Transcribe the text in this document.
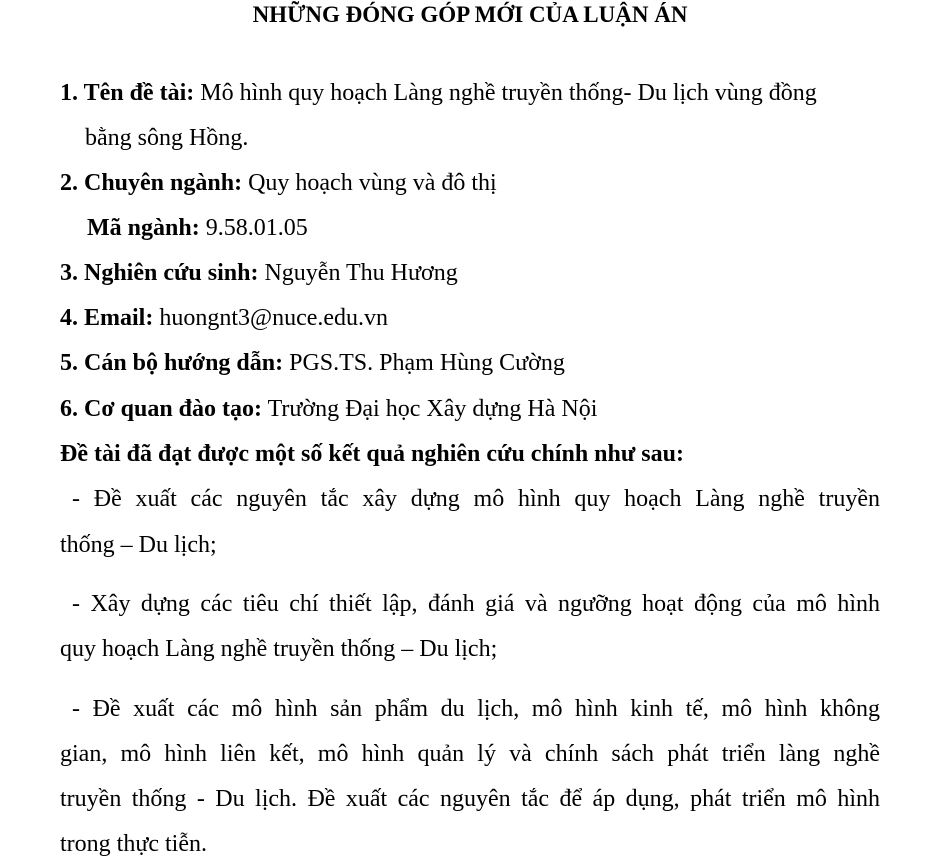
NHỮNG ĐÓNG GÓP MỚI CỦA LUẬN ÁN
1. Tên đề tài: Mô hình quy hoạch Làng nghề truyền thống- Du lịch vùng đồng
bằng sông Hồng.
2. Chuyên ngành: Quy hoạch vùng và đô thị
Mã ngành: 9.58.01.05
3. Nghiên cứu sinh: Nguyễn Thu Hương
4. Email: huongnt3@nuce.edu.vn
5. Cán bộ hướng dẫn: PGS.TS. Phạm Hùng Cường
6. Cơ quan đào tạo: Trường Đại học Xây dựng Hà Nội
Đề tài đã đạt được một số kết quả nghiên cứu chính như sau:
- Đề xuất các nguyên tắc xây dựng mô hình quy hoạch Làng nghề truyền
thống – Du lịch;
- Xây dựng các tiêu chí thiết lập, đánh giá và ngưỡng hoạt động của mô hình
quy hoạch Làng nghề truyền thống – Du lịch;
- Đề xuất các mô hình sản phẩm du lịch, mô hình kinh tế, mô hình không
gian, mô hình liên kết, mô hình quản lý và chính sách phát triển làng nghề
truyền thống - Du lịch. Đề xuất các nguyên tắc để áp dụng, phát triển mô hình
trong thực tiễn.
